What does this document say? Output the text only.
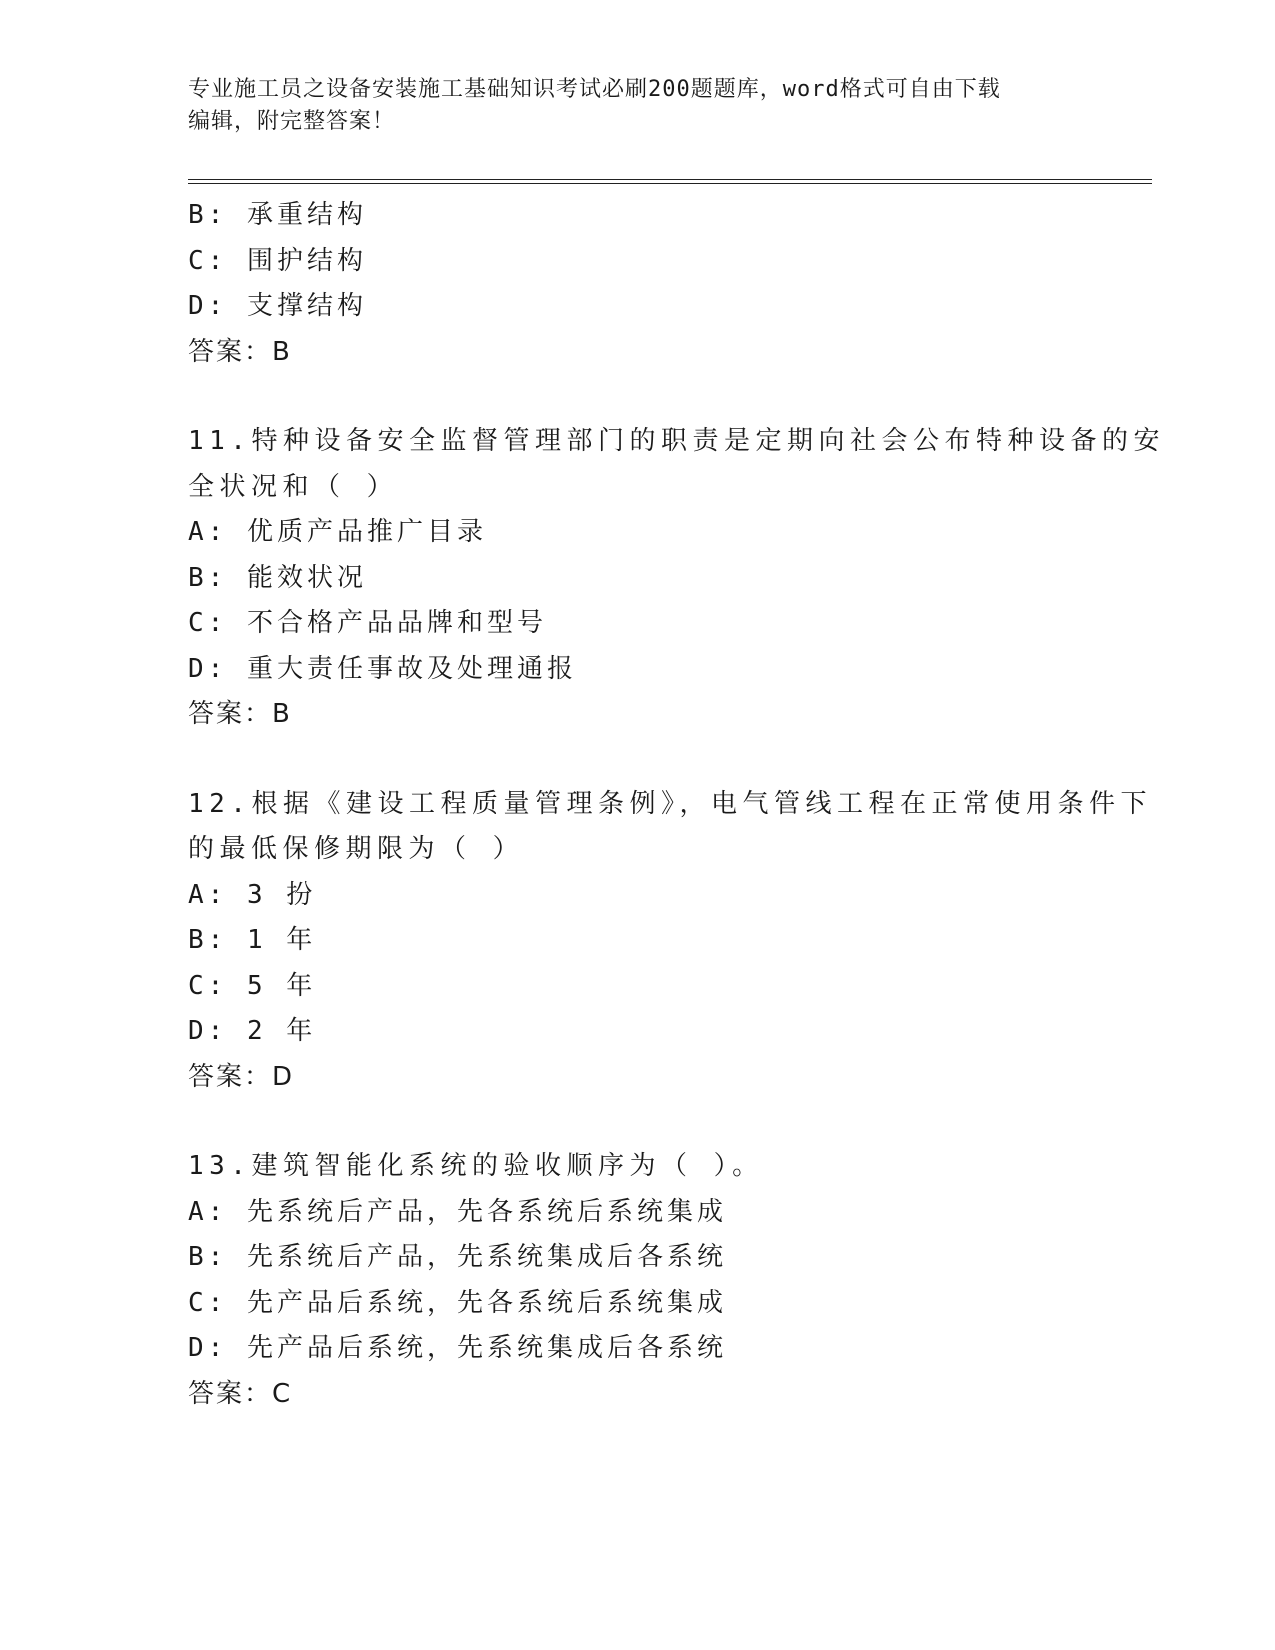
专业施工员之设备安装施工基础知识考试必刷200题题库，word格式可自由下载
编辑，附完整答案！
B: 承重结构
C: 围护结构
D: 支撑结构
答案：B
11.特种设备安全监督管理部门的职责是定期向社会公布特种设备的安
全状况和（ ）
A: 优质产品推广目录
B: 能效状况
C: 不合格产品品牌和型号
D: 重大责任事故及处理通报
答案：B
12.根据《建设工程质量管理条例》，电气管线工程在正常使用条件下
的最低保修期限为（ ）
A: 3 扮
B: 1 年
C: 5 年
D: 2 年
答案：D
13.建筑智能化系统的验收顺序为（ ）。
A: 先系统后产品，先各系统后系统集成
B: 先系统后产品，先系统集成后各系统
C: 先产品后系统，先各系统后系统集成
D: 先产品后系统，先系统集成后各系统
答案：C
